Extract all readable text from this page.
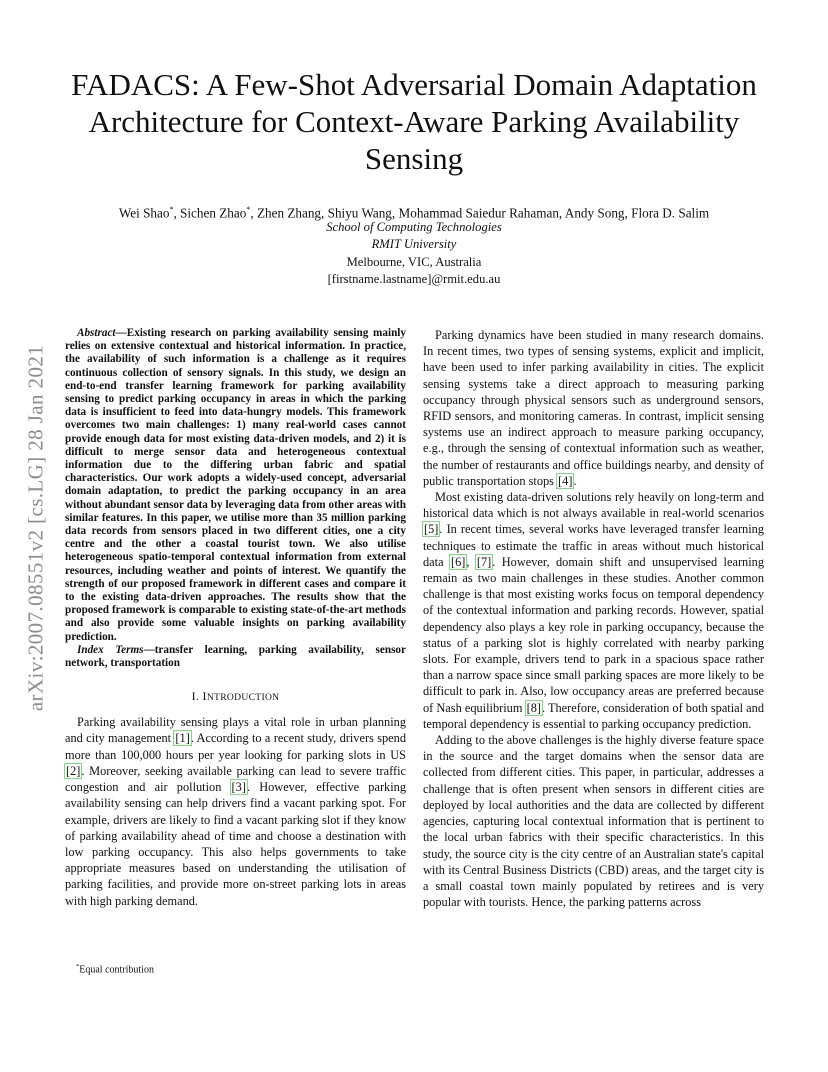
arXiv:2007.08551v2 [cs.LG] 28 Jan 2021
FADACS: A Few-Shot Adversarial Domain Adaptation Architecture for Context-Aware Parking Availability Sensing
Wei Shao*, Sichen Zhao*, Zhen Zhang, Shiyu Wang, Mohammad Saiedur Rahaman, Andy Song, Flora D. Salim
School of Computing Technologies
RMIT University
Melbourne, VIC, Australia
[firstname.lastname]@rmit.edu.au

Abstract—Existing research on parking availability sensing mainly relies on extensive contextual and historical information. In practice, the availability of such information is a challenge as it requires continuous collection of sensory signals. In this study, we design an end-to-end transfer learning framework for parking availability sensing to predict parking occupancy in areas in which the parking data is insufficient to feed into data-hungry models. This framework overcomes two main challenges: 1) many real-world cases cannot provide enough data for most existing data-driven models, and 2) it is difficult to merge sensor data and heterogeneous contextual information due to the differing urban fabric and spatial characteristics. Our work adopts a widely-used concept, adversarial domain adaptation, to predict the parking occupancy in an area without abundant sensor data by leveraging data from other areas with similar features. In this paper, we utilise more than 35 million parking data records from sensors placed in two different cities, one a city centre and the other a coastal tourist town. We also utilise heterogeneous spatio-temporal contextual information from external resources, including weather and points of interest. We quantify the strength of our proposed framework in different cases and compare it to the existing data-driven approaches. The results show that the proposed framework is comparable to existing state-of-the-art methods and also provide some valuable insights on parking availability prediction.

Index Terms—transfer learning, parking availability, sensor network, transportation

I. INTRODUCTION

Parking availability sensing plays a vital role in urban planning and city management [1]. According to a recent study, drivers spend more than 100,000 hours per year looking for parking slots in US [2]. Moreover, seeking available parking can lead to severe traffic congestion and air pollution [3]. However, effective parking availability sensing can help drivers find a vacant parking spot. For example, drivers are likely to find a vacant parking slot if they know of parking availability ahead of time and choose a destination with low parking occupancy. This also helps governments to take appropriate measures based on understanding the utilisation of parking facilities, and provide more on-street parking lots in areas with high parking demand.

*Equal contribution

Parking dynamics have been studied in many research domains. In recent times, two types of sensing systems, explicit and implicit, have been used to infer parking availability in cities. The explicit sensing systems take a direct approach to measuring parking occupancy through physical sensors such as underground sensors, RFID sensors, and monitoring cameras. In contrast, implicit sensing systems use an indirect approach to measure parking occupancy, e.g., through the sensing of contextual information such as weather, the number of restaurants and office buildings nearby, and density of public transportation stops [4].

Most existing data-driven solutions rely heavily on long-term and historical data which is not always available in real-world scenarios [5]. In recent times, several works have leveraged transfer learning techniques to estimate the traffic in areas without much historical data [6], [7]. However, domain shift and unsupervised learning remain as two main challenges in these studies. Another common challenge is that most existing works focus on temporal dependency of the contextual information and parking records. However, spatial dependency also plays a key role in parking occupancy, because the status of a parking slot is highly correlated with nearby parking slots. For example, drivers tend to park in a spacious space rather than a narrow space since small parking spaces are more likely to be difficult to park in. Also, low occupancy areas are preferred because of Nash equilibrium [8]. Therefore, consideration of both spatial and temporal dependency is essential to parking occupancy prediction.

Adding to the above challenges is the highly diverse feature space in the source and the target domains when the sensor data are collected from different cities. This paper, in particular, addresses a challenge that is often present when sensors in different cities are deployed by local authorities and the data are collected by different agencies, capturing local contextual information that is pertinent to the local urban fabrics with their specific characteristics. In this study, the source city is the city centre of an Australian state's capital with its Central Business Districts (CBD) areas, and the target city is a small coastal town mainly populated by retirees and is very popular with tourists. Hence, the parking patterns across
